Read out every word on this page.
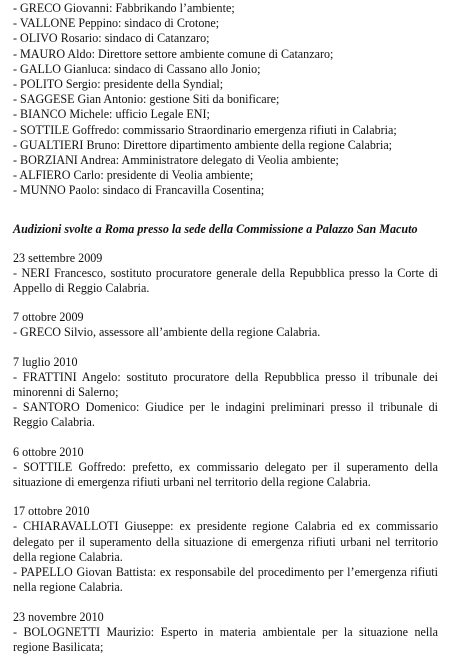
- GRECO Giovanni: Fabbrikando l’ambiente;
- VALLONE Peppino: sindaco di Crotone;
- OLIVO Rosario: sindaco di Catanzaro;
- MAURO Aldo: Direttore settore ambiente comune di Catanzaro;
- GALLO Gianluca: sindaco di Cassano allo Jonio;
- POLITO Sergio: presidente della Syndial;
- SAGGESE Gian Antonio: gestione Siti da bonificare;
- BIANCO Michele: ufficio Legale ENI;
- SOTTILE Goffredo: commissario Straordinario emergenza rifiuti in Calabria;
- GUALTIERI Bruno: Direttore dipartimento ambiente della regione Calabria;
- BORZIANI Andrea: Amministratore delegato di Veolia ambiente;
- ALFIERO Carlo: presidente di Veolia ambiente;
- MUNNO Paolo: sindaco di Francavilla Cosentina;
Audizioni svolte a Roma presso la sede della Commissione a Palazzo San Macuto
23 settembre 2009
- NERI Francesco, sostituto procuratore generale della Repubblica presso la Corte di Appello di Reggio Calabria.
7 ottobre 2009
- GRECO Silvio, assessore all’ambiente della regione Calabria.
7 luglio 2010
- FRATTINI Angelo: sostituto procuratore della Repubblica presso il tribunale dei minorenni di Salerno;
- SANTORO Domenico: Giudice per le indagini preliminari presso il tribunale di Reggio Calabria.
6 ottobre 2010
- SOTTILE Goffredo: prefetto, ex commissario delegato per il superamento della situazione di emergenza rifiuti urbani nel territorio della regione Calabria.
17 ottobre 2010
- CHIARAVALLOTI Giuseppe: ex presidente regione Calabria ed ex commissario delegato per il superamento della situazione di emergenza rifiuti urbani nel territorio della regione Calabria.
- PAPELLO Giovan Battista: ex responsabile del procedimento per l’emergenza rifiuti nella regione Calabria.
23 novembre 2010
- BOLOGNETTI Maurizio: Esperto in materia ambientale per la situazione nella regione Basilicata;
